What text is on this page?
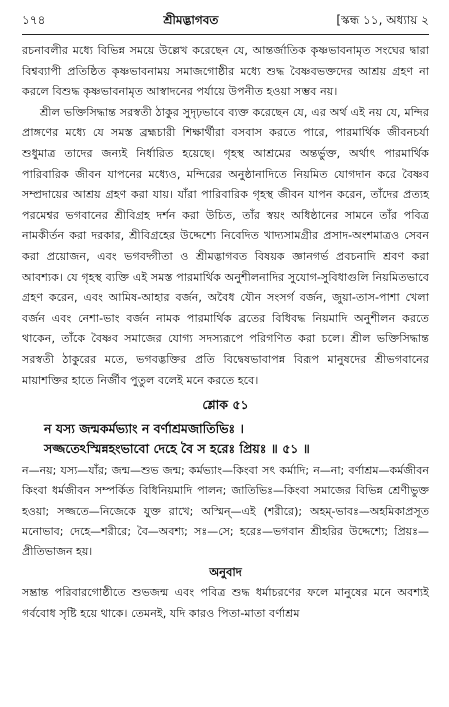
১৭৪	শ্রীমদ্ভাগবত	[স্কন্ধ ১১, অধ্যায় ২

রচনাবলীর মধ্যে বিভিন্ন সময়ে উল্লেখ করেছেন যে, আন্তর্জাতিক কৃষ্ণভাবনামৃত সংঘের দ্বারা বিশ্বব্যাপী প্রতিষ্ঠিত কৃষ্ণভাবনাময় সমাজগোষ্ঠীর মধ্যে শুদ্ধ বৈষ্ণবভক্তদের আশ্রয় গ্রহণ না করলে বিশুদ্ধ কৃষ্ণভাবনামৃত আস্বাদনের পর্যায়ে উপনীত হওয়া সম্ভব নয়।

শ্রীল ভক্তিসিদ্ধান্ত সরস্বতী ঠাকুর সুদৃঢ়ভাবে ব্যক্ত করেছেন যে, এর অর্থ এই নয় যে, মন্দির প্রাঙ্গণের মধ্যে যে সমস্ত ব্রহ্মচারী শিক্ষার্থীরা বসবাস করতে পারে, পারমার্থিক জীবনচর্যা শুধুমাত্র তাদের জন্যই নির্ধারিত হয়েছে। গৃহস্থ আশ্রমের অন্তর্ভুক্ত, অর্থাৎ পারমার্থিক পারিবারিক জীবন যাপনের মধ্যেও, মন্দিরের অনুষ্ঠানাদিতে নিয়মিত যোগদান করে বৈষ্ণব সম্প্রদায়ের আশ্রয় গ্রহণ করা যায়। যাঁরা পারিবারিক গৃহস্থ জীবন যাপন করেন, তাঁদের প্রত্যহ পরমেশ্বর ভগবানের শ্রীবিগ্রহ দর্শন করা উচিত, তাঁর স্বয়ং অধিষ্ঠানের সামনে তাঁর পবিত্র নামকীর্তন করা দরকার, শ্রীবিগ্রহের উদ্দেশ্যে নিবেদিত খাদ্যসামগ্রীর প্রসাদ-অংশমাত্রও সেবন করা প্রয়োজন, এবং ভগবদ্গীতা ও শ্রীমদ্ভাগবত বিষয়ক জ্ঞানগর্ভ প্রবচনাদি শ্রবণ করা আবশ্যক। যে গৃহস্থ ব্যক্তি এই সমস্ত পারমার্থিক অনুশীলনাদির সুযোগ-সুবিধাগুলি নিয়মিতভাবে গ্রহণ করেন, এবং আমিষ-আহার বর্জন, অবৈধ যৌন সংসর্গ বর্জন, জুয়া-তাস-পাশা খেলা বর্জন এবং নেশা-ভাং বর্জন নামক পারমার্থিক ব্রতের বিধিবদ্ধ নিয়মাদি অনুশীলন করতে থাকেন, তাঁকে বৈষ্ণব সমাজের যোগ্য সদস্যরূপে পরিগণিত করা চলে। শ্রীল ভক্তিসিদ্ধান্ত সরস্বতী ঠাকুরের মতে, ভগবদ্ভক্তির প্রতি বিদ্বেষভাবাপন্ন বিরূপ মানুষদের শ্রীভগবানের মায়াশক্তির হাতে নির্জীব পুতুল বলেই মনে করতে হবে।

শ্লোক ৫১

ন যস্য জন্মকর্মভ্যাং ন বর্ণাশ্রমজাতিভিঃ ।

সজ্জতেঽস্মিন্নহংভাবো দেহে বৈ স হরেঃ প্রিয়ঃ ॥ ৫১ ॥

ন—নয়; যস্য—যাঁর; জন্ম—শুভ জন্ম; কর্মভ্যাং—কিংবা সৎ কর্মাদি; ন—না; বর্ণাশ্রম—কর্মজীবন কিংবা ধর্মজীবন সম্পর্কিত বিধিনিয়মাদি পালন; জাতিভিঃ—কিংবা সমাজের বিভিন্ন শ্রেণীভুক্ত হওয়া; সজ্জতে—নিজেকে যুক্ত রাখে; অস্মিন্—এই (শরীরে); অহম্-ভাবঃ—অহমিকাপ্রসূত মনোভাব; দেহে—শরীরে; বৈ—অবশ্য; সঃ—সে; হরেঃ—ভগবান শ্রীহরির উদ্দেশ্যে; প্রিয়ঃ—প্রীতিভাজন হয়।

অনুবাদ

সম্ভ্রান্ত পরিবারগোষ্ঠীতে শুভজন্ম এবং পবিত্র শুদ্ধ ধর্মাচরণের ফলে মানুষের মনে অবশ্যই গর্ববোধ সৃষ্টি হয়ে থাকে। তেমনই, যদি কারও পিতা-মাতা বর্ণাশ্রম
